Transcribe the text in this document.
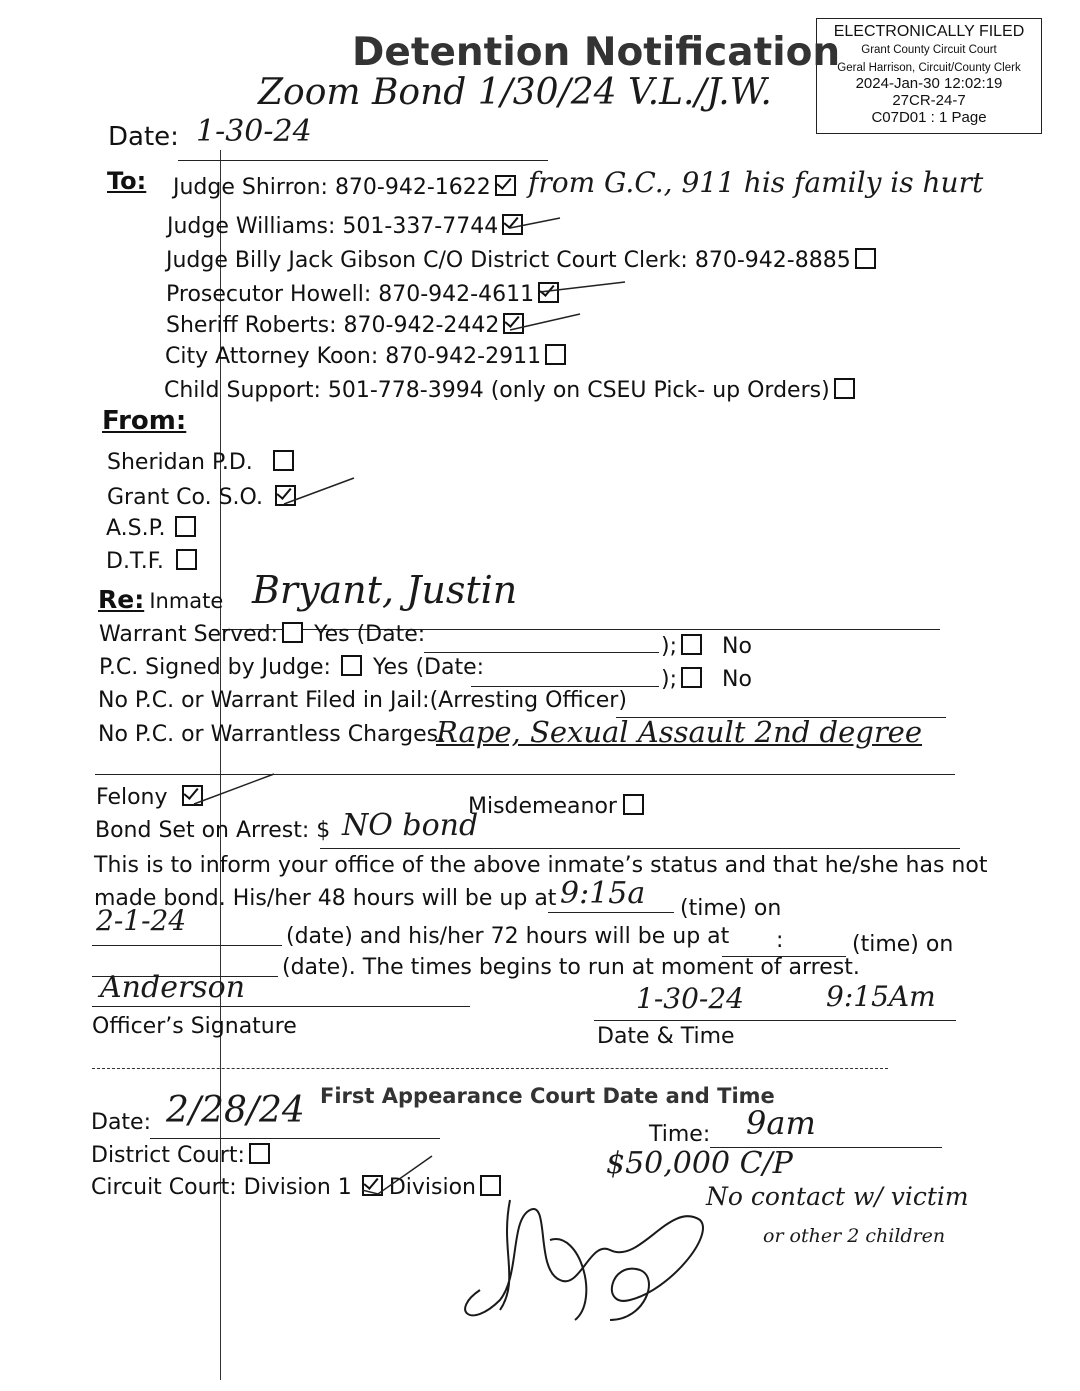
ELECTRONICALLY FILED
Grant County Circuit Court
Geral Harrison, Circuit/County Clerk
2024-Jan-30 12:02:19
27CR-24-7
C07D01 : 1 Page
Detention Notification
Zoom Bond 1/30/24 V.L./J.W.
Date: 1-30-24
To: Judge Shirron: 870-942-1622	from G.C., 911 his family is hurt
Judge Williams: 501-337-7744
Judge Billy Jack Gibson C/O District Court Clerk: 870-942-8885
Prosecutor Howell: 870-942-4611
Sheriff Roberts: 870-942-2442
City Attorney Koon: 870-942-2911
Child Support: 501-778-3994 (only on CSEU Pick- up Orders)
From:
Sheridan P.D.
Grant Co. S.O.
A.S.P.
D.T.F.
Re: Inmate Bryant, Justin
Warrant Served: Yes (Date:	); No
P.C. Signed by Judge: Yes (Date:	); No
No P.C. or Warrant Filed in Jail:(Arresting Officer)
No P.C. or Warrantless Charges:
Rape, Sexual Assault 2nd degree
Felony	Misdemeanor
Bond Set on Arrest: $ NO bond
This is to inform your office of the above inmate’s status and that he/she has not
made bond. His/her 48 hours will be up at 9:15a (time) on
2-1-24	(date) and his/her 72 hours will be up at :	(time) on
(date). The times begins to run at moment of arrest.
Anderson
Officer’s Signature
1-30-24	9:15Am
Date & Time
First Appearance Court Date and Time
Date: 2/28/24
Time: 9am
District Court:
Circuit Court: Division 1 Division
$50,000 C/P
No contact w/ victim
or other 2 children
